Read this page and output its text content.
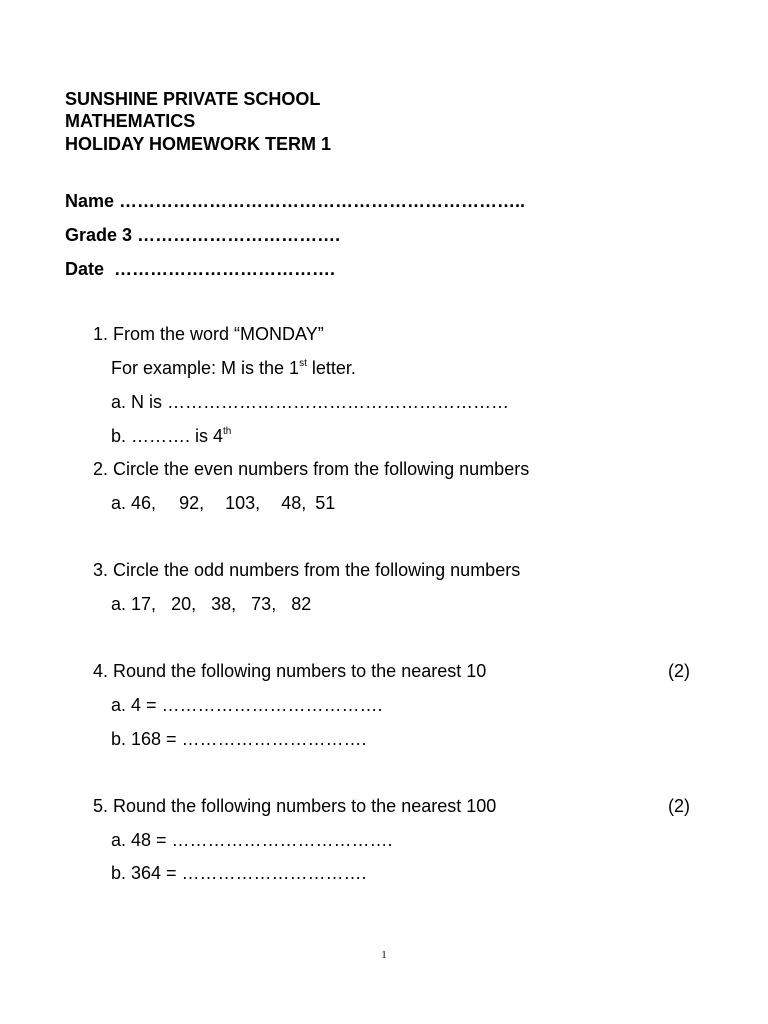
SUNSHINE PRIVATE SCHOOL
MATHEMATICS
HOLIDAY HOMEWORK TERM 1
Name …………………………………………………………..
Grade 3 …………………………….
Date ……………………………….
1. From the word “MONDAY”
For example: M is the 1st letter.
a. N is …………………………………………………
b. ………. is 4th
2. Circle the even numbers from the following numbers
a. 46, 92, 103, 48, 51
3. Circle the odd numbers from the following numbers
a. 17, 20, 38, 73, 82
4. Round the following numbers to the nearest 10	(2)
a. 4 = ……………………………….
b. 168 = ………………………….
5. Round the following numbers to the nearest 100	(2)
a. 48 = ……………………………….
b. 364 = ………………………….
1
